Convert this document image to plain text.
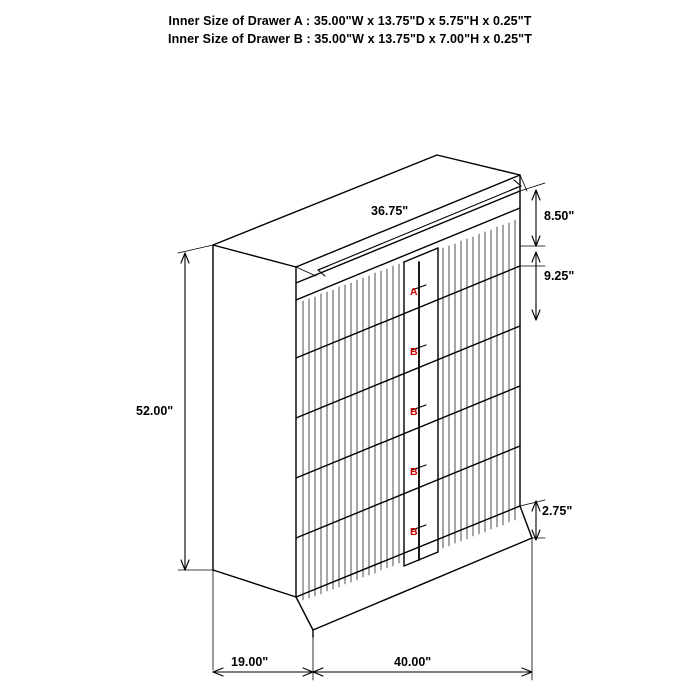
Inner Size of Drawer A : 35.00"W x 13.75"D x 5.75"H x 0.25"T
Inner Size of Drawer B : 35.00"W x 13.75"D x 7.00"H x 0.25"T
36.75"
52.00"
8.50"
9.25"
2.75"
19.00"	40.00"
A
B
B
B
B
